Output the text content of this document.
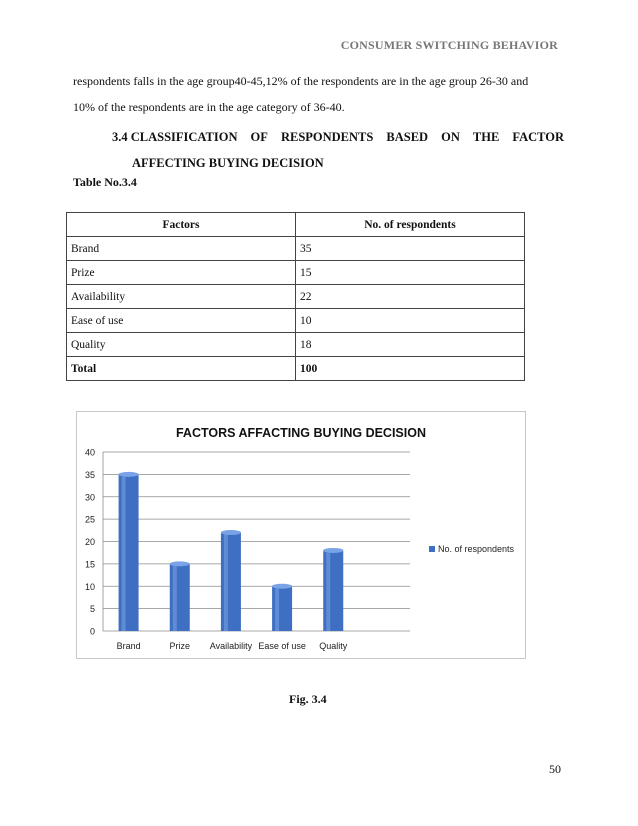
CONSUMER SWITCHING BEHAVIOR
respondents falls in the age group40-45,12% of the respondents are in the age group 26-30 and
10% of the respondents are in the age category of 36-40.
3.4 CLASSIFICATION OF RESPONDENTS BASED ON THE FACTOR
AFFECTING BUYING DECISION
Table No.3.4
Factors	No. of respondents
Brand	35
Prize	15
Availability	22
Ease of use	10
Quality	18
Total	100
FACTORS AFFACTING BUYING DECISION
0
5
10
15
20
25
30
35
40
Brand	Prize Availability Ease of use Quality
No. of respondents
Fig. 3.4
50
